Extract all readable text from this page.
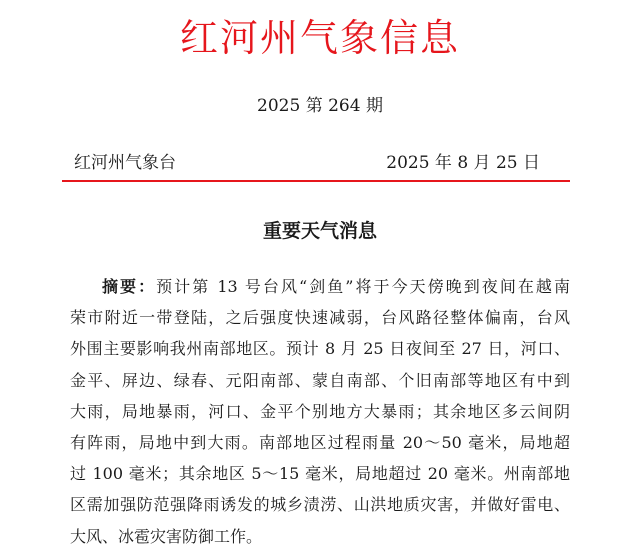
红河州气象信息
2025 第 264 期
红河州气象台	2025 年 8 月 25 日
重要天气消息
摘要：预计第 13 号台风“剑鱼”将于今天傍晚到夜间在越南
荣市附近一带登陆，之后强度快速减弱，台风路径整体偏南，台风
外围主要影响我州南部地区。预计 8 月 25 日夜间至 27 日，河口、
金平、屏边、绿春、元阳南部、蒙自南部、个旧南部等地区有中到
大雨，局地暴雨，河口、金平个别地方大暴雨；其余地区多云间阴
有阵雨，局地中到大雨。南部地区过程雨量 20～50 毫米，局地超
过 100 毫米；其余地区 5～15 毫米，局地超过 20 毫米。州南部地
区需加强防范强降雨诱发的城乡渍涝、山洪地质灾害，并做好雷电、
大风、冰雹灾害防御工作。
